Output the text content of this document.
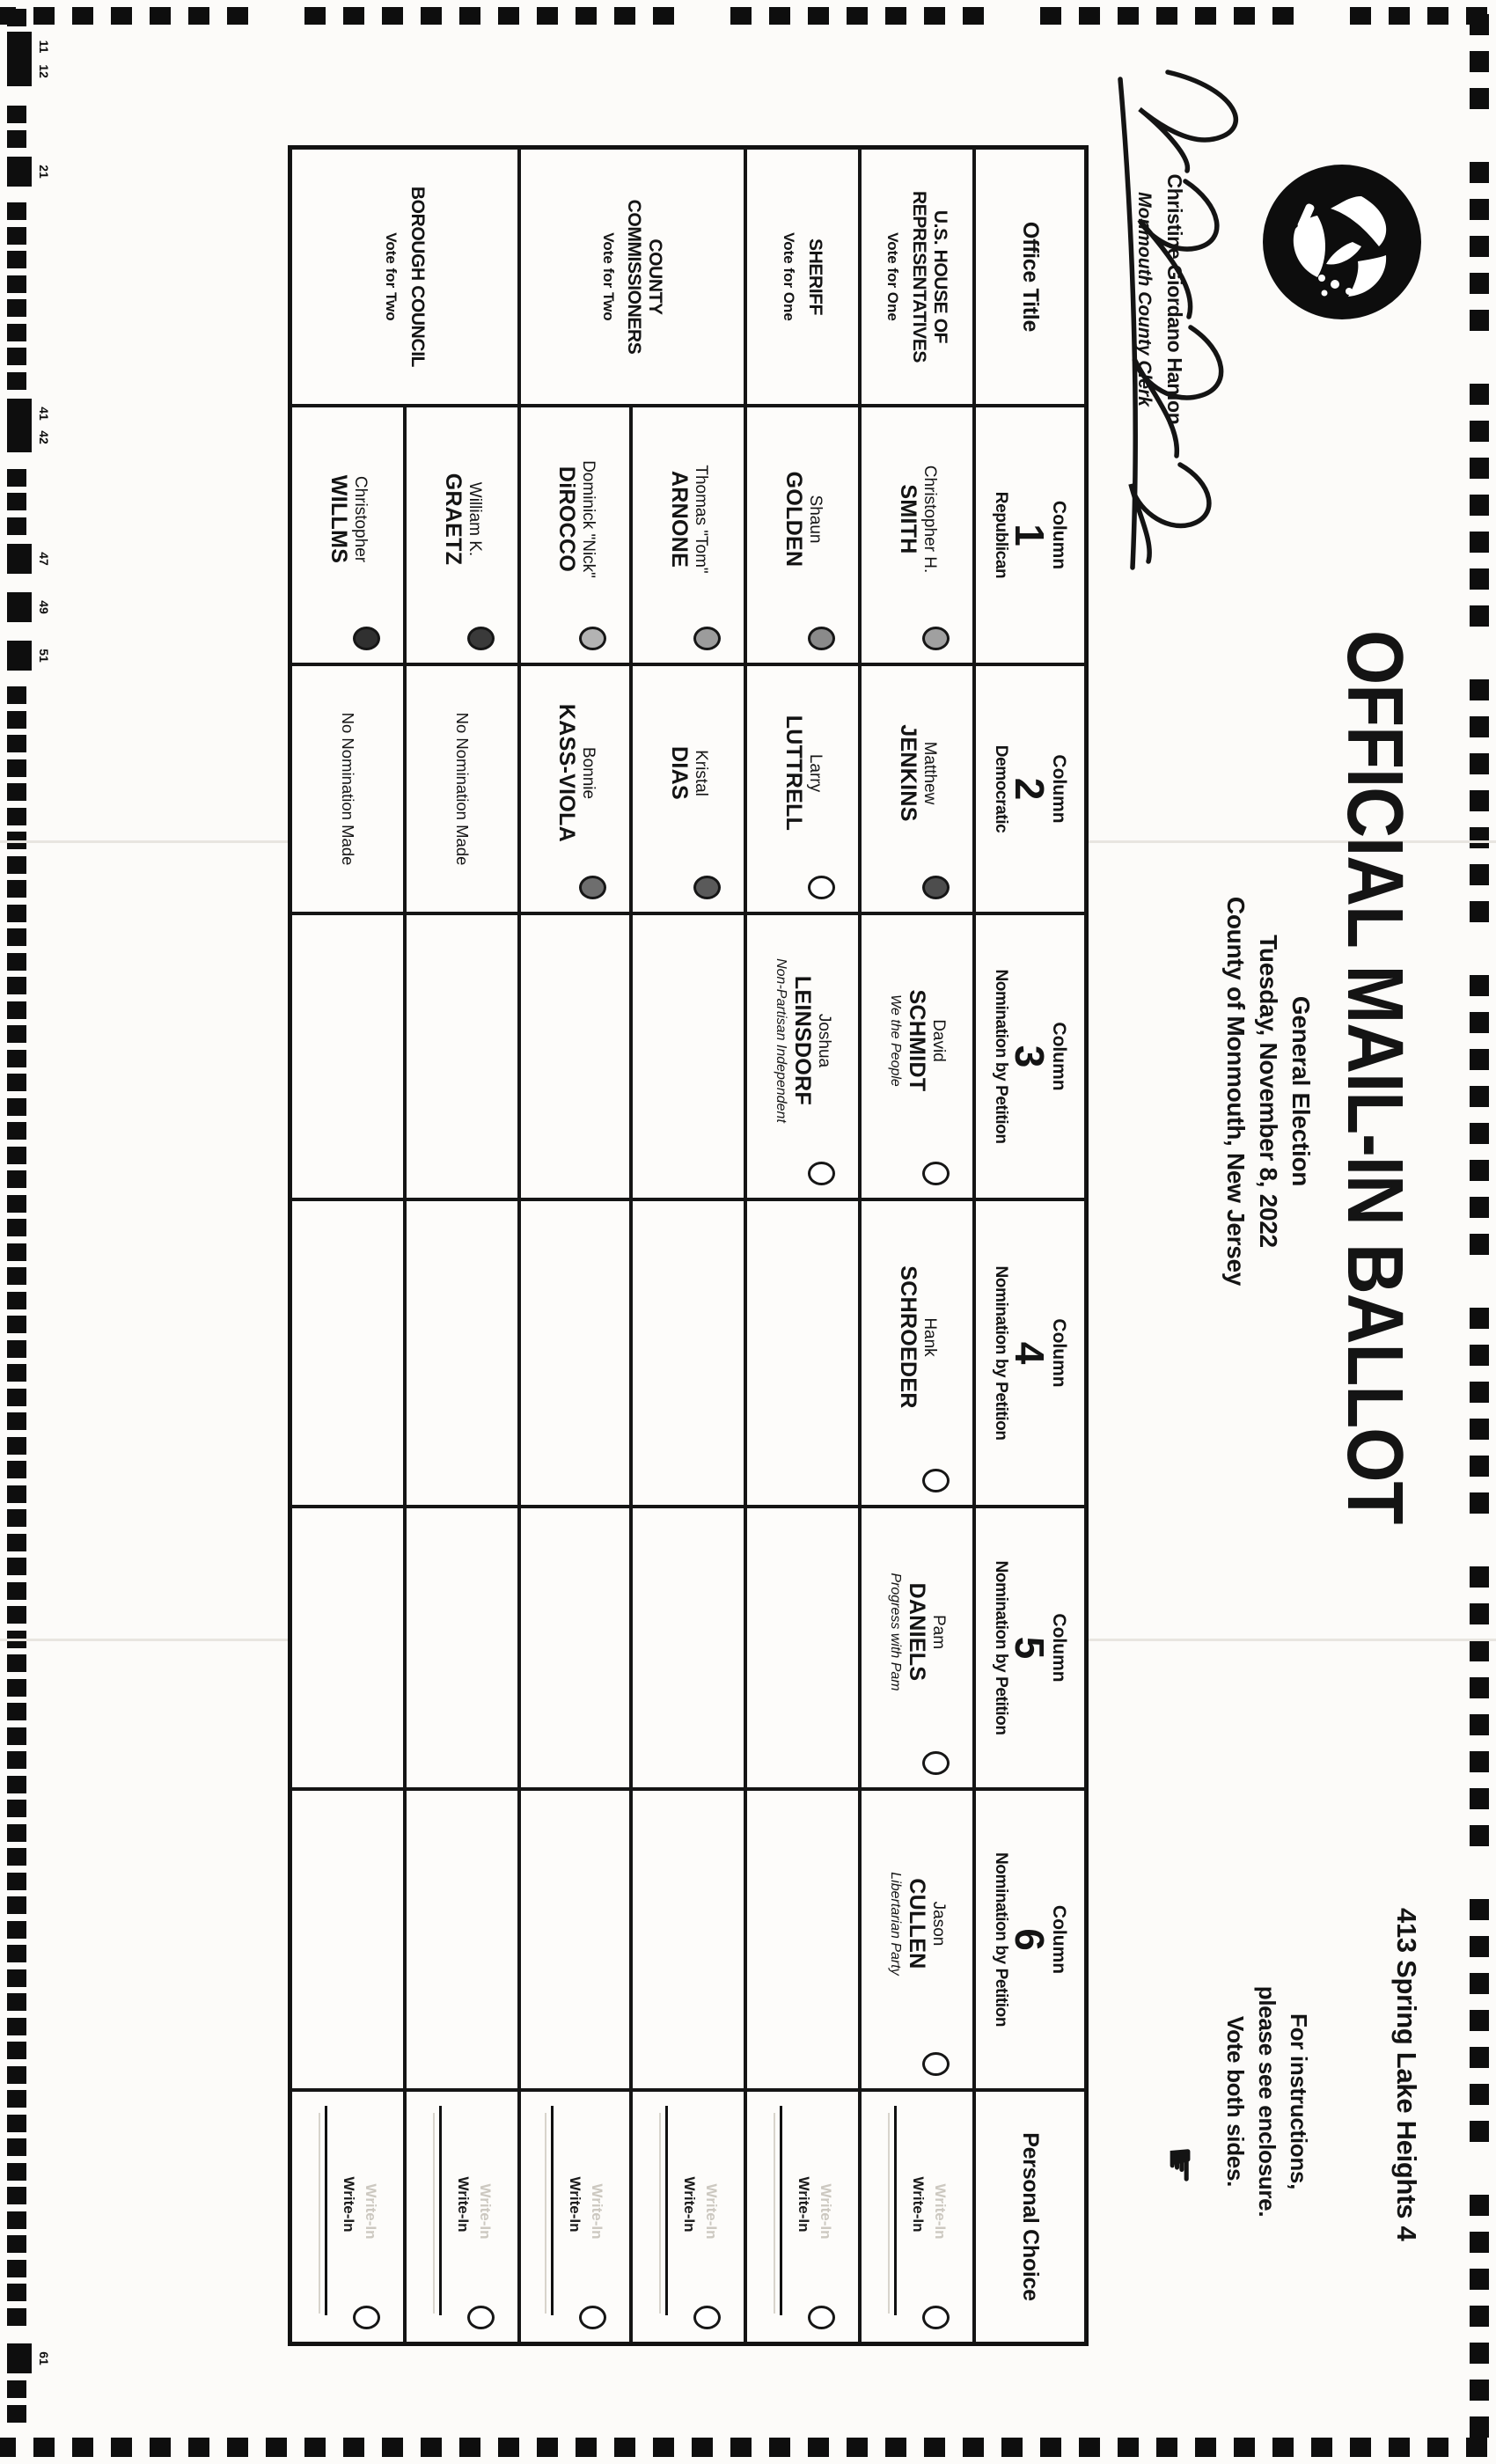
11
12
21
41
42
47
49
51
61
Christine Giordano Hanlon
Monmouth County Clerk
OFFICIAL MAIL-IN BALLOT
General Election
Tuesday, November 8, 2022
County of Monmouth, New Jersey
413 Spring Lake Heights 4
For instructions,
please see enclosure.
Vote both sides.
☛
Office Title
Column
1
Republican
Column
2
Democratic
Column
3
Nomination by Petition
Column
4
Nomination by Petition
Column
5
Nomination by Petition
Column
6
Nomination by Petition
Personal Choice
U.S. HOUSE OF REPRESENTATIVES
Vote for One
Christopher H.
SMITH
Matthew
JENKINS
David
SCHMIDT
We the People
Hank
SCHROEDER
Pam
DANIELS
Progress with Pam
Jason
CULLEN
Libertarian Party
Write-In
Write-In
SHERIFF
Vote for One
Shaun
GOLDEN
Larry
LUTTRELL
Joshua
LEINSDORF
Non-Partisan Independent
Write-In
Write-In
COUNTY COMMISSIONERS
Vote for Two
Thomas "Tom"
ARNONE
Kristal
DIAS
Write-In
Write-In
Dominick "Nick"
DiROCCO
Bonnie
KASS-VIOLA
Write-In
Write-In
BOROUGH COUNCIL
Vote for Two
William K.
GRAETZ
No Nomination Made
Write-In
Write-In
Christopher
WILLMS
No Nomination Made
Write-In
Write-In
